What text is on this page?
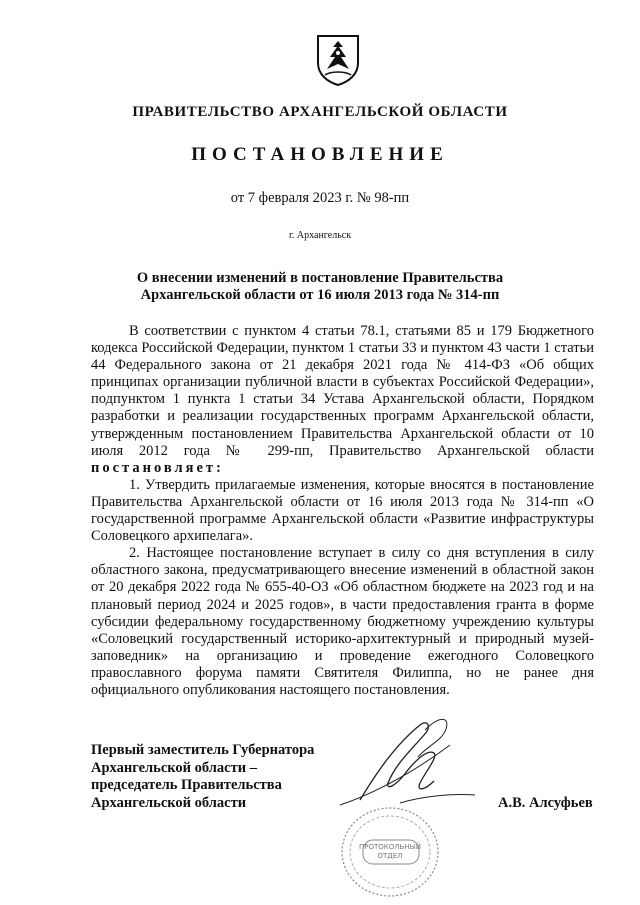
ПРАВИТЕЛЬСТВО АРХАНГЕЛЬСКОЙ ОБЛАСТИ
ПОСТАНОВЛЕНИЕ
от 7 февраля 2023 г. № 98-пп
г. Архангельск
О внесении изменений в постановление Правительства
Архангельской области от 16 июля 2013 года № 314-пп

В соответствии с пунктом 4 статьи 78.1, статьями 85 и 179 Бюджетного кодекса Российской Федерации, пунктом 1 статьи 33 и пунктом 43 части 1 статьи 44 Федерального закона от 21 декабря 2021 года № 414-ФЗ «Об общих принципах организации публичной власти в субъектах Российской Федерации», подпунктом 1 пункта 1 статьи 34 Устава Архангельской области, Порядком разработки и реализации государственных программ Архангельской области, утвержденным постановлением Правительства Архангельской области от 10 июля 2012 года № 299-пп, Правительство Архангельской области постановляет:

1. Утвердить прилагаемые изменения, которые вносятся в постановление Правительства Архангельской области от 16 июля 2013 года № 314-пп «О государственной программе Архангельской области «Развитие инфраструктуры Соловецкого архипелага».

2. Настоящее постановление вступает в силу со дня вступления в силу областного закона, предусматривающего внесение изменений в областной закон от 20 декабря 2022 года № 655-40-ОЗ «Об областном бюджете на 2023 год и на плановый период 2024 и 2025 годов», в части предоставления гранта в форме субсидии федеральному государственному бюджетному учреждению культуры «Соловецкий государственный историко-архитектурный и природный музей-заповедник» на организацию и проведение ежегодного Соловецкого православного форума памяти Святителя Филиппа, но не ранее дня официального опубликования настоящего постановления.

Первый заместитель Губернатора
Архангельской области –
председатель Правительства
Архангельской области	А.В. Алсуфьев
ПРОТОКОЛЬНЫЙ ОТДЕЛ
